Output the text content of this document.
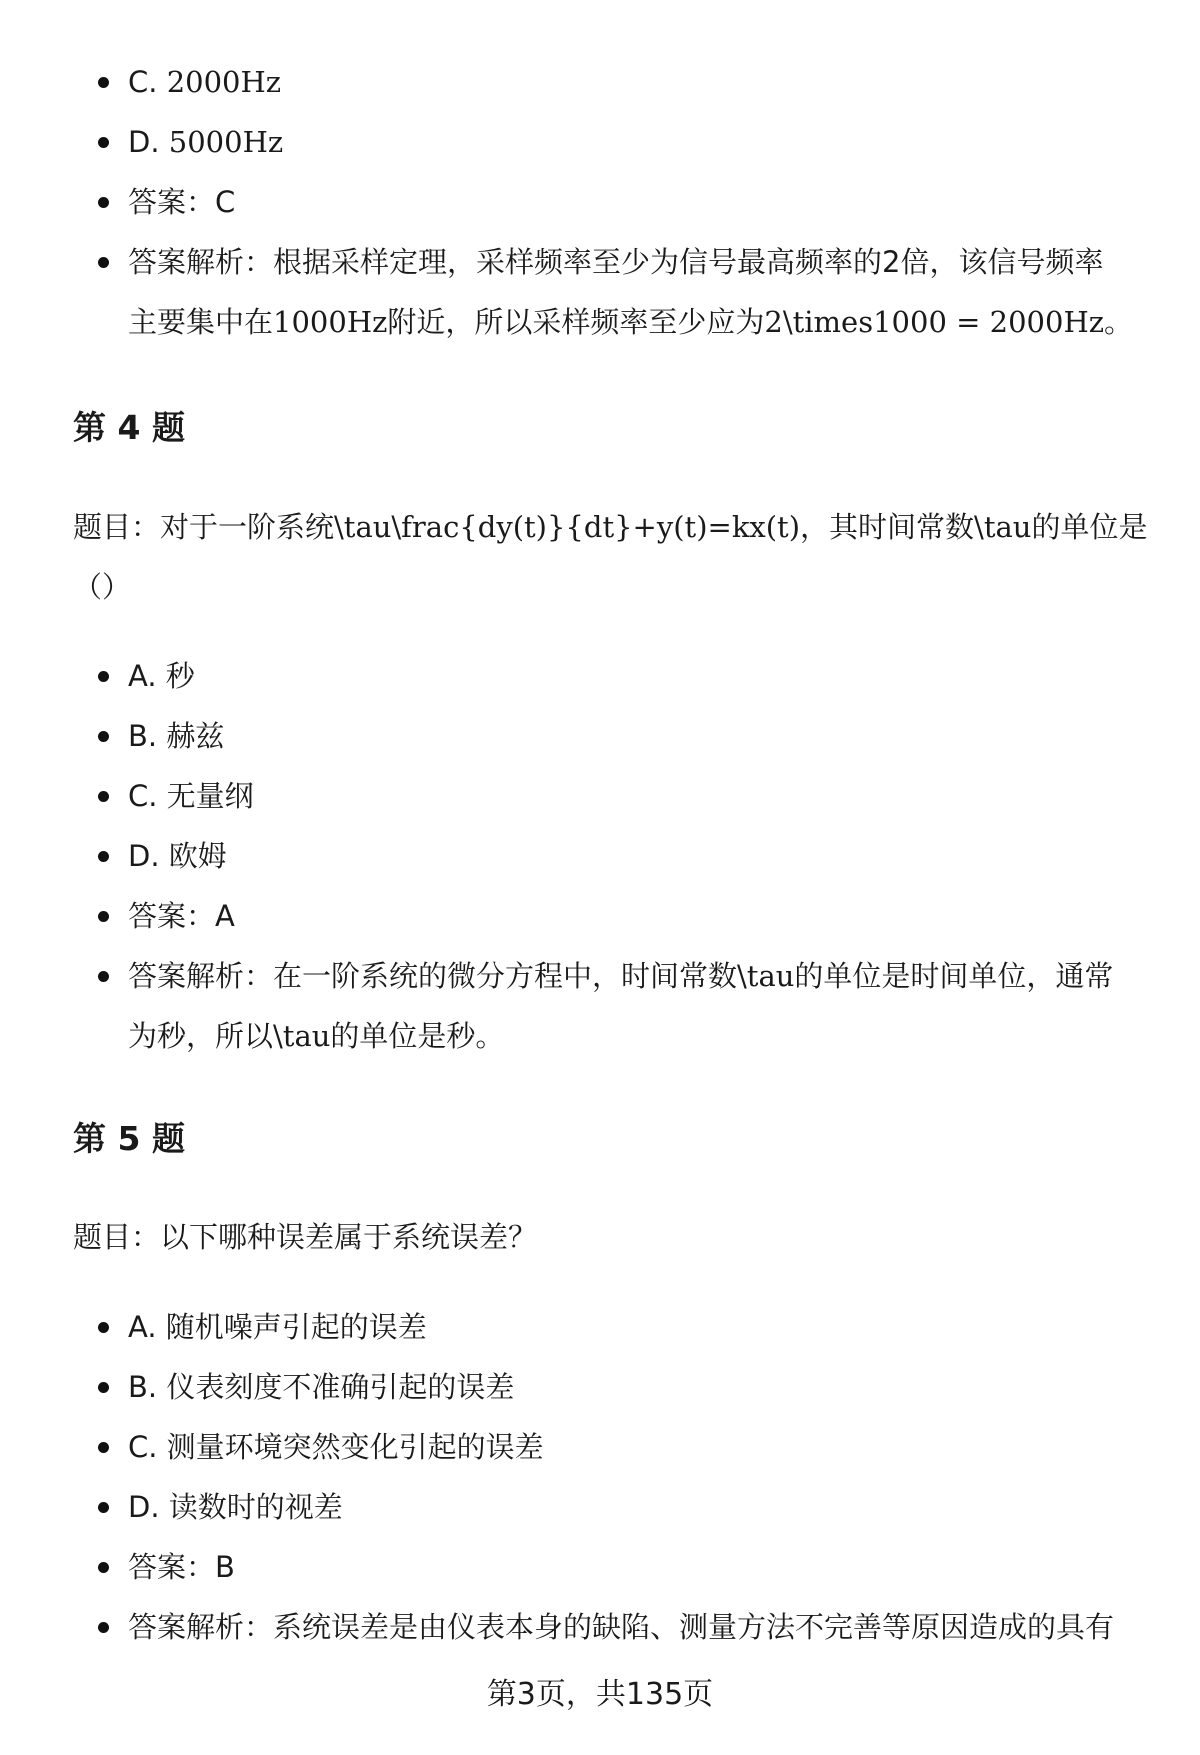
C. 2000Hz
D. 5000Hz
答案：C
答案解析：根据采样定理，采样频率至少为信号最高频率的2倍，该信号频率
主要集中在1000Hz附近，所以采样频率至少应为2\times1000 = 2000Hz。
第 4 题

题目：对于一阶系统\tau\frac{dy(t)}{dt}+y(t)=kx(t)，其时间常数\tau的单位是
（）

A. 秒
B. 赫兹
C. 无量纲
D. 欧姆
答案：A
答案解析：在一阶系统的微分方程中，时间常数\tau的单位是时间单位，通常
为秒，所以\tau的单位是秒。
第 5 题

题目：以下哪种误差属于系统误差？

A. 随机噪声引起的误差
B. 仪表刻度不准确引起的误差
C. 测量环境突然变化引起的误差
D. 读数时的视差
答案：B
答案解析：系统误差是由仪表本身的缺陷、测量方法不完善等原因造成的具有
第3页，共135页
